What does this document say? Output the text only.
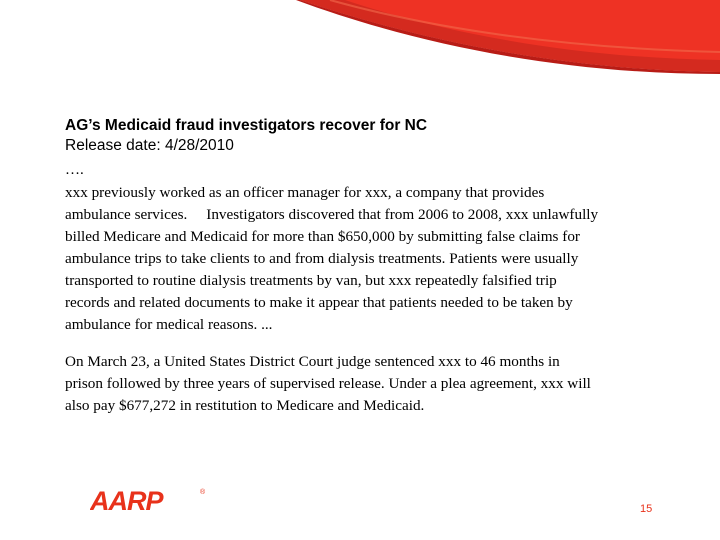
AG’s Medicaid fraud investigators recover for NC
Release date: 4/28/2010
….
xxx previously worked as an officer manager for xxx, a company that provides
ambulance services.     Investigators discovered that from 2006 to 2008, xxx unlawfully
billed Medicare and Medicaid for more than $650,000 by submitting false claims for
ambulance trips to take clients to and from dialysis treatments. Patients were usually
transported to routine dialysis treatments by van, but xxx repeatedly falsified trip
records and related documents to make it appear that patients needed to be taken by
ambulance for medical reasons. ...
On March 23, a United States District Court judge sentenced xxx to 46 months in
prison followed by three years of supervised release. Under a plea agreement, xxx will
also pay $677,272 in restitution to Medicare and Medicaid.
AARP	®
15
